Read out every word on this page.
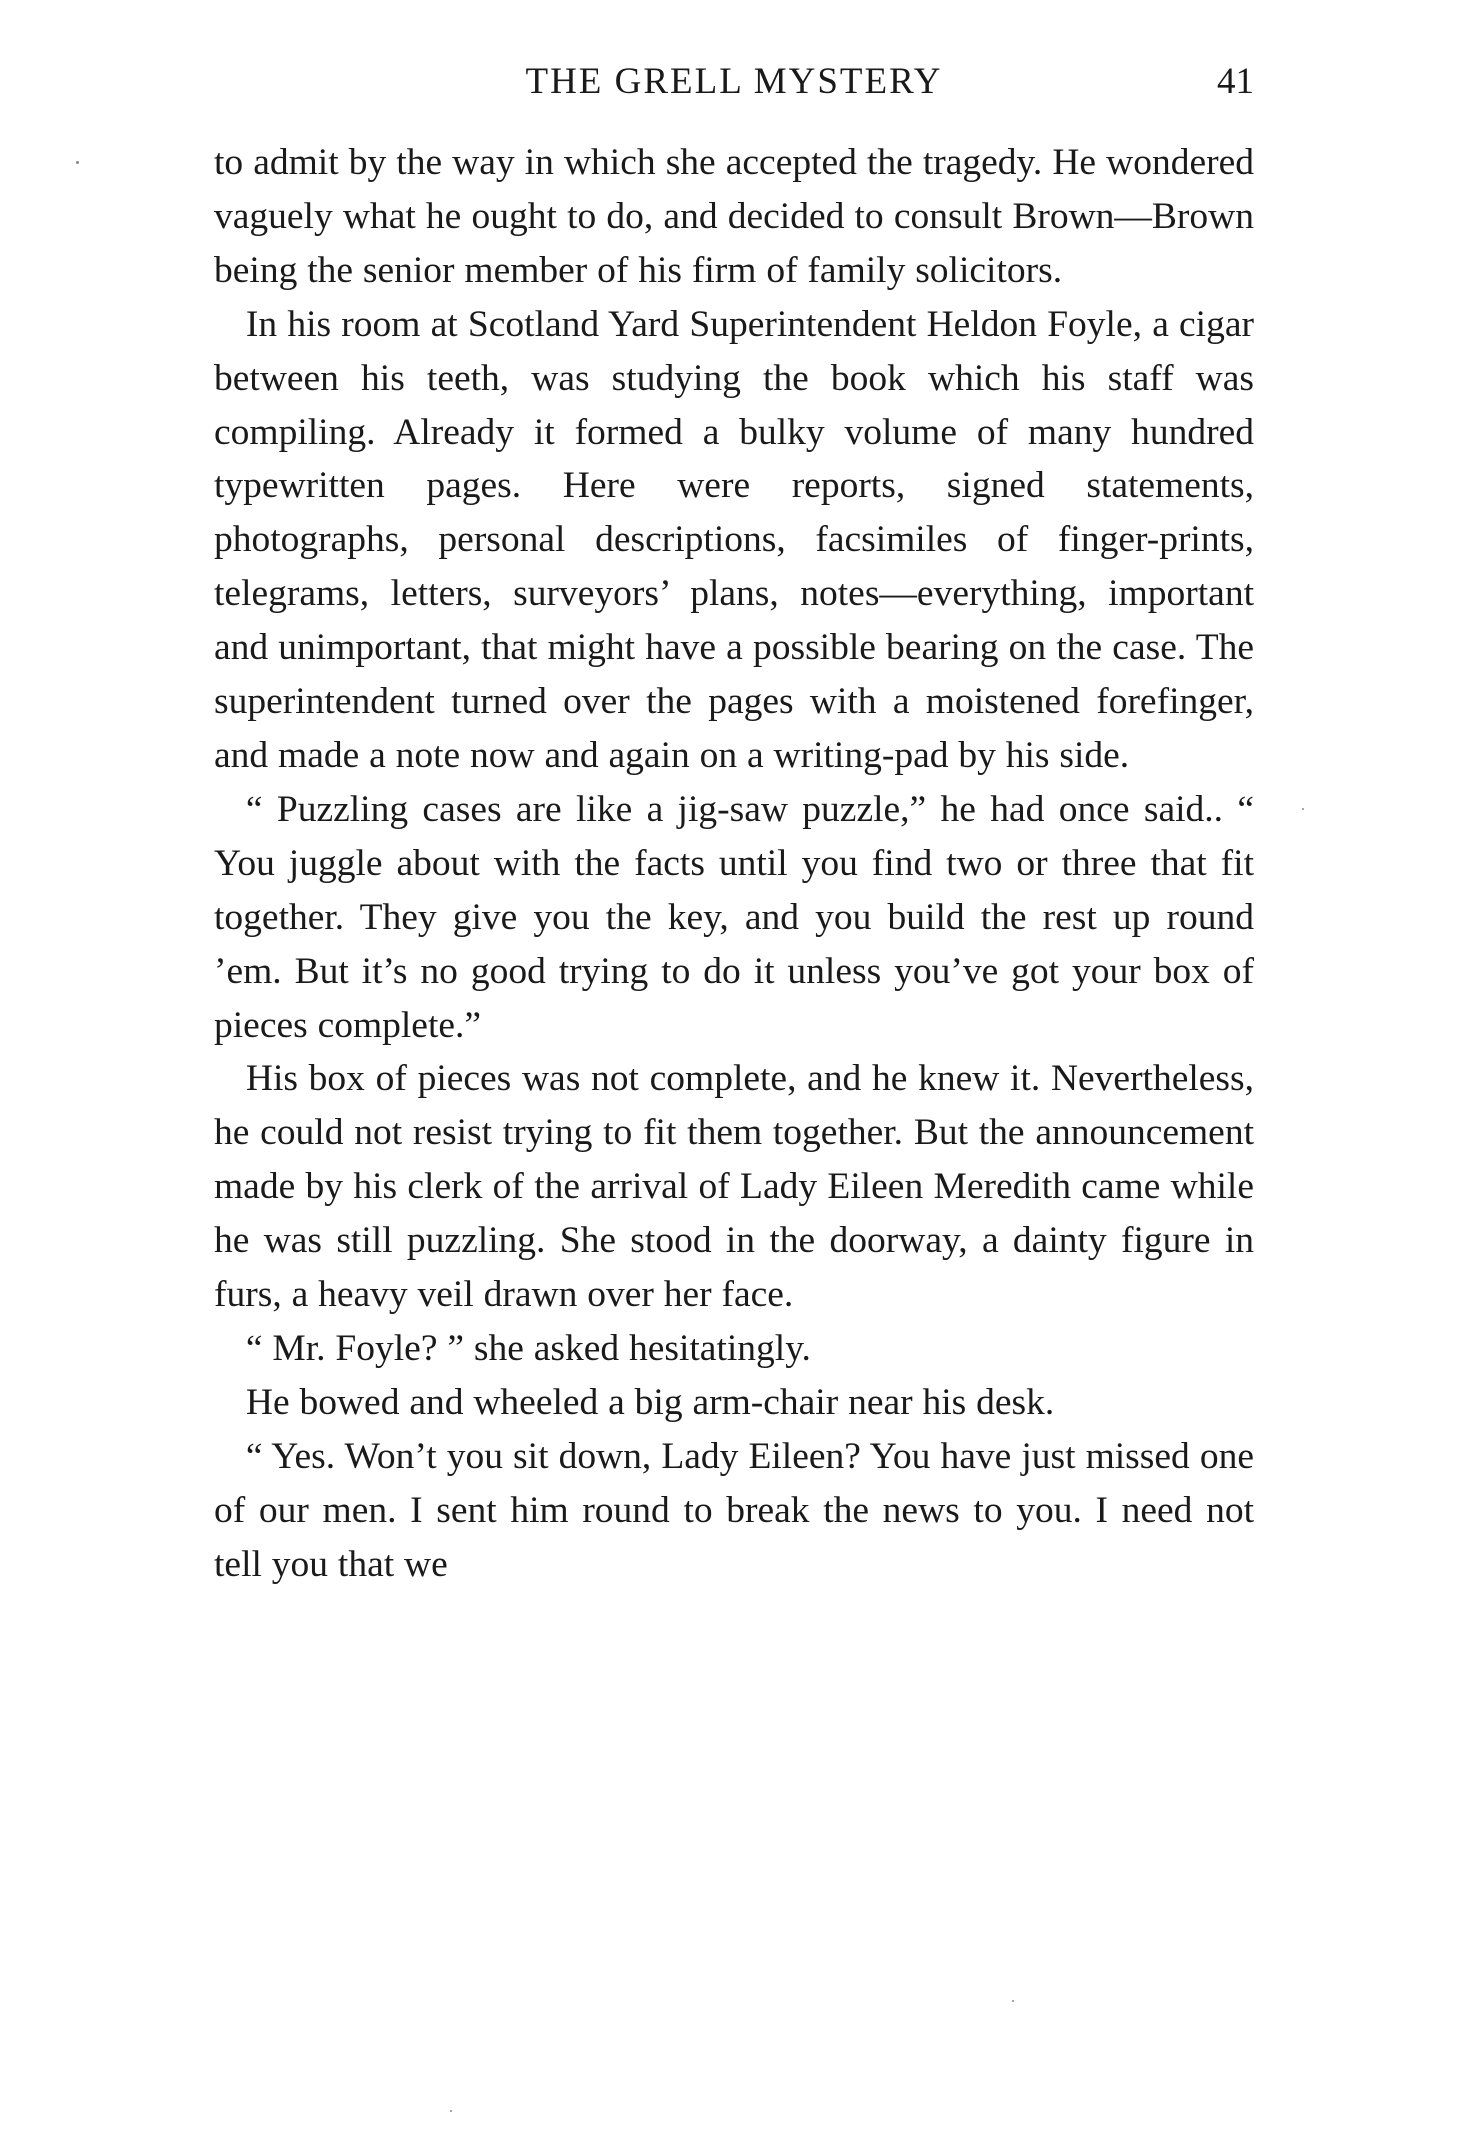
THE GRELL MYSTERY	41

to admit by the way in which she accepted the tragedy. He wondered vaguely what he ought to do, and decided to consult Brown—Brown being the senior member of his firm of family solicitors.

In his room at Scotland Yard Superintendent Heldon Foyle, a cigar between his teeth, was studying the book which his staff was compiling. Already it formed a bulky volume of many hundred typewritten pages. Here were reports, signed statements, photographs, personal descriptions, facsimiles of finger-prints, telegrams, letters, surveyors’ plans, notes—everything, important and unimportant, that might have a possible bearing on the case. The superintendent turned over the pages with a moistened forefinger, and made a note now and again on a writing-pad by his side.

“ Puzzling cases are like a jig-saw puzzle,” he had once said.. “ You juggle about with the facts until you find two or three that fit together. They give you the key, and you build the rest up round ’em. But it’s no good trying to do it unless you’ve got your box of pieces complete.”

His box of pieces was not complete, and he knew it. Nevertheless, he could not resist trying to fit them together. But the announcement made by his clerk of the arrival of Lady Eileen Meredith came while he was still puzzling. She stood in the doorway, a dainty figure in furs, a heavy veil drawn over her face.

“ Mr. Foyle? ” she asked hesitatingly.

He bowed and wheeled a big arm-chair near his desk.

“ Yes. Won’t you sit down, Lady Eileen? You have just missed one of our men. I sent him round to break the news to you. I need not tell you that we
